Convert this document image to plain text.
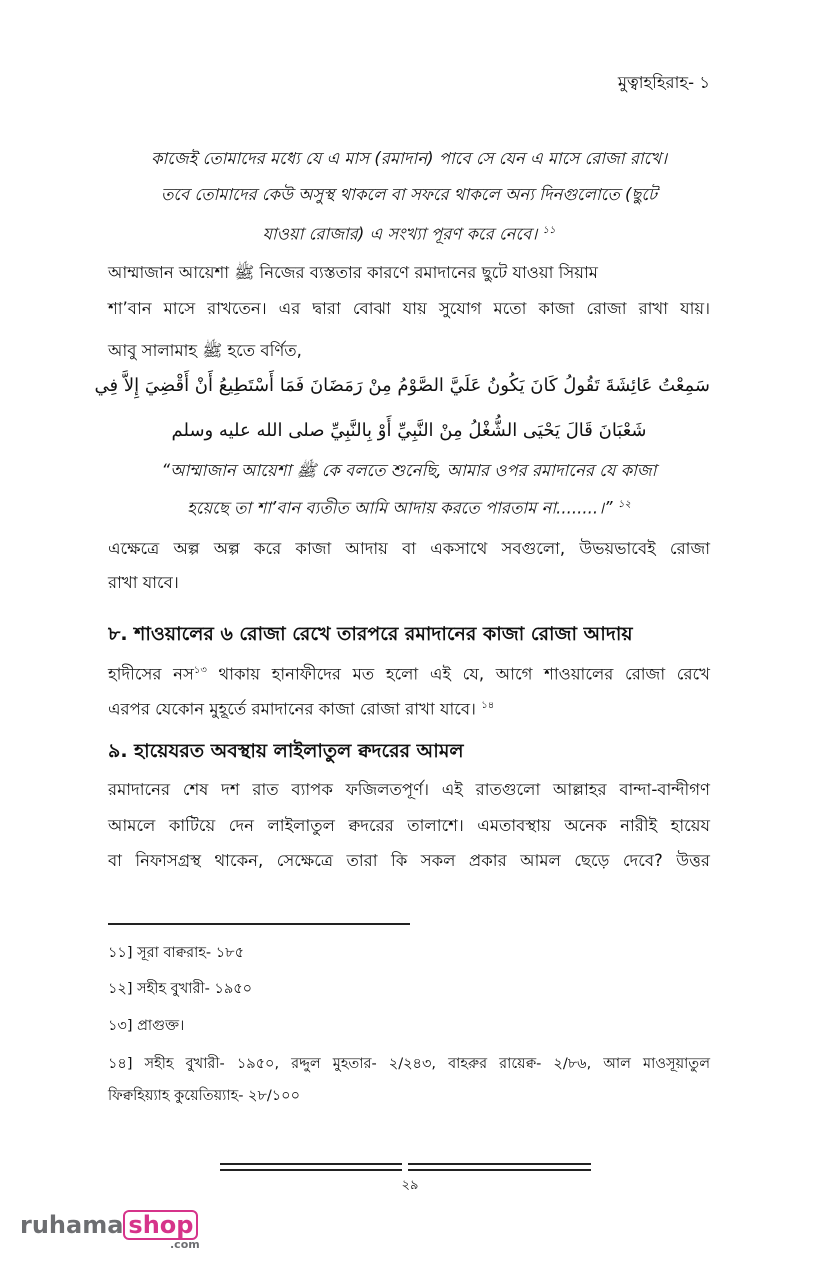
মুত্বাহহিরাহ- ১
কাজেই তোমাদের মধ্যে যে এ মাস (রমাদান) পাবে সে যেন এ মাসে রোজা রাখে।
তবে তোমাদের কেউ অসুস্থ থাকলে বা সফরে থাকলে অন্য দিনগুলোতে (ছুটে
যাওয়া রোজার) এ সংখ্যা পূরণ করে নেবে। $^{১১}$
আম্মাজান আয়েশা ﷺ নিজের ব্যস্ততার কারণে রমাদানের ছুটে যাওয়া সিয়াম
শা’বান মাসে রাখতেন। এর দ্বারা বোঝা যায় সুযোগ মতো কাজা রোজা রাখা যায়।
আবু সালামাহ ﷺ হতে বর্ণিত,
سَمِعْتُ عَائِشَةَ تَقُولُ كَانَ يَكُونُ عَلَيَّ الصَّوْمُ مِنْ رَمَضَانَ فَمَا أَسْتَطِيعُ أَنْ أَقْضِيَ إِلاَّ فِي
شَعْبَانَ قَالَ يَحْيَى الشُّغْلُ مِنْ النَّبِيِّ أَوْ بِالنَّبِيِّ صلى الله عليه وسلم
“আম্মাজান আয়েশা ﷺ কে বলতে শুনেছি, আমার ওপর রমাদানের যে কাজা
হয়েছে তা শা’বান ব্যতীত আমি আদায় করতে পারতাম না........।” $^{১২}$
এক্ষেত্রে অল্প অল্প করে কাজা আদায় বা একসাথে সবগুলো, উভয়ভাবেই রোজা
রাখা যাবে।
৮. শাওয়ালের ৬ রোজা রেখে তারপরে রমাদানের কাজা রোজা আদায়
হাদীসের নস$^{১৩}$ থাকায় হানাফীদের মত হলো এই যে, আগে শাওয়ালের রোজা রেখে
এরপর যেকোন মুহূর্তে রমাদানের কাজা রোজা রাখা যাবে। $^{১৪}$
৯. হায়েযরত অবস্থায় লাইলাতুল ক্বদরের আমল
রমাদানের শেষ দশ রাত ব্যাপক ফজিলতপূর্ণ। এই রাতগুলো আল্লাহর বান্দা-বান্দীগণ
আমলে কাটিয়ে দেন লাইলাতুল ক্বদরের তালাশে। এমতাবস্থায় অনেক নারীই হায়েয
বা নিফাসগ্রস্থ থাকেন, সেক্ষেত্রে তারা কি সকল প্রকার আমল ছেড়ে দেবে? উত্তর
১১] সূরা বাক্বরাহ- ১৮৫
১২] সহীহ বুখারী- ১৯৫০
১৩] প্রাগুক্ত।
১৪] সহীহ বুখারী- ১৯৫০, রদ্দুল মুহতার- ২/২৪৩, বাহরুর রায়েক্ব- ২/৮৬, আল মাওসূয়াতুল
ফিক্বহিয়্যাহ কুয়েতিয়্যাহ- ২৮/১০০
২৯
ruhama shop
.com
